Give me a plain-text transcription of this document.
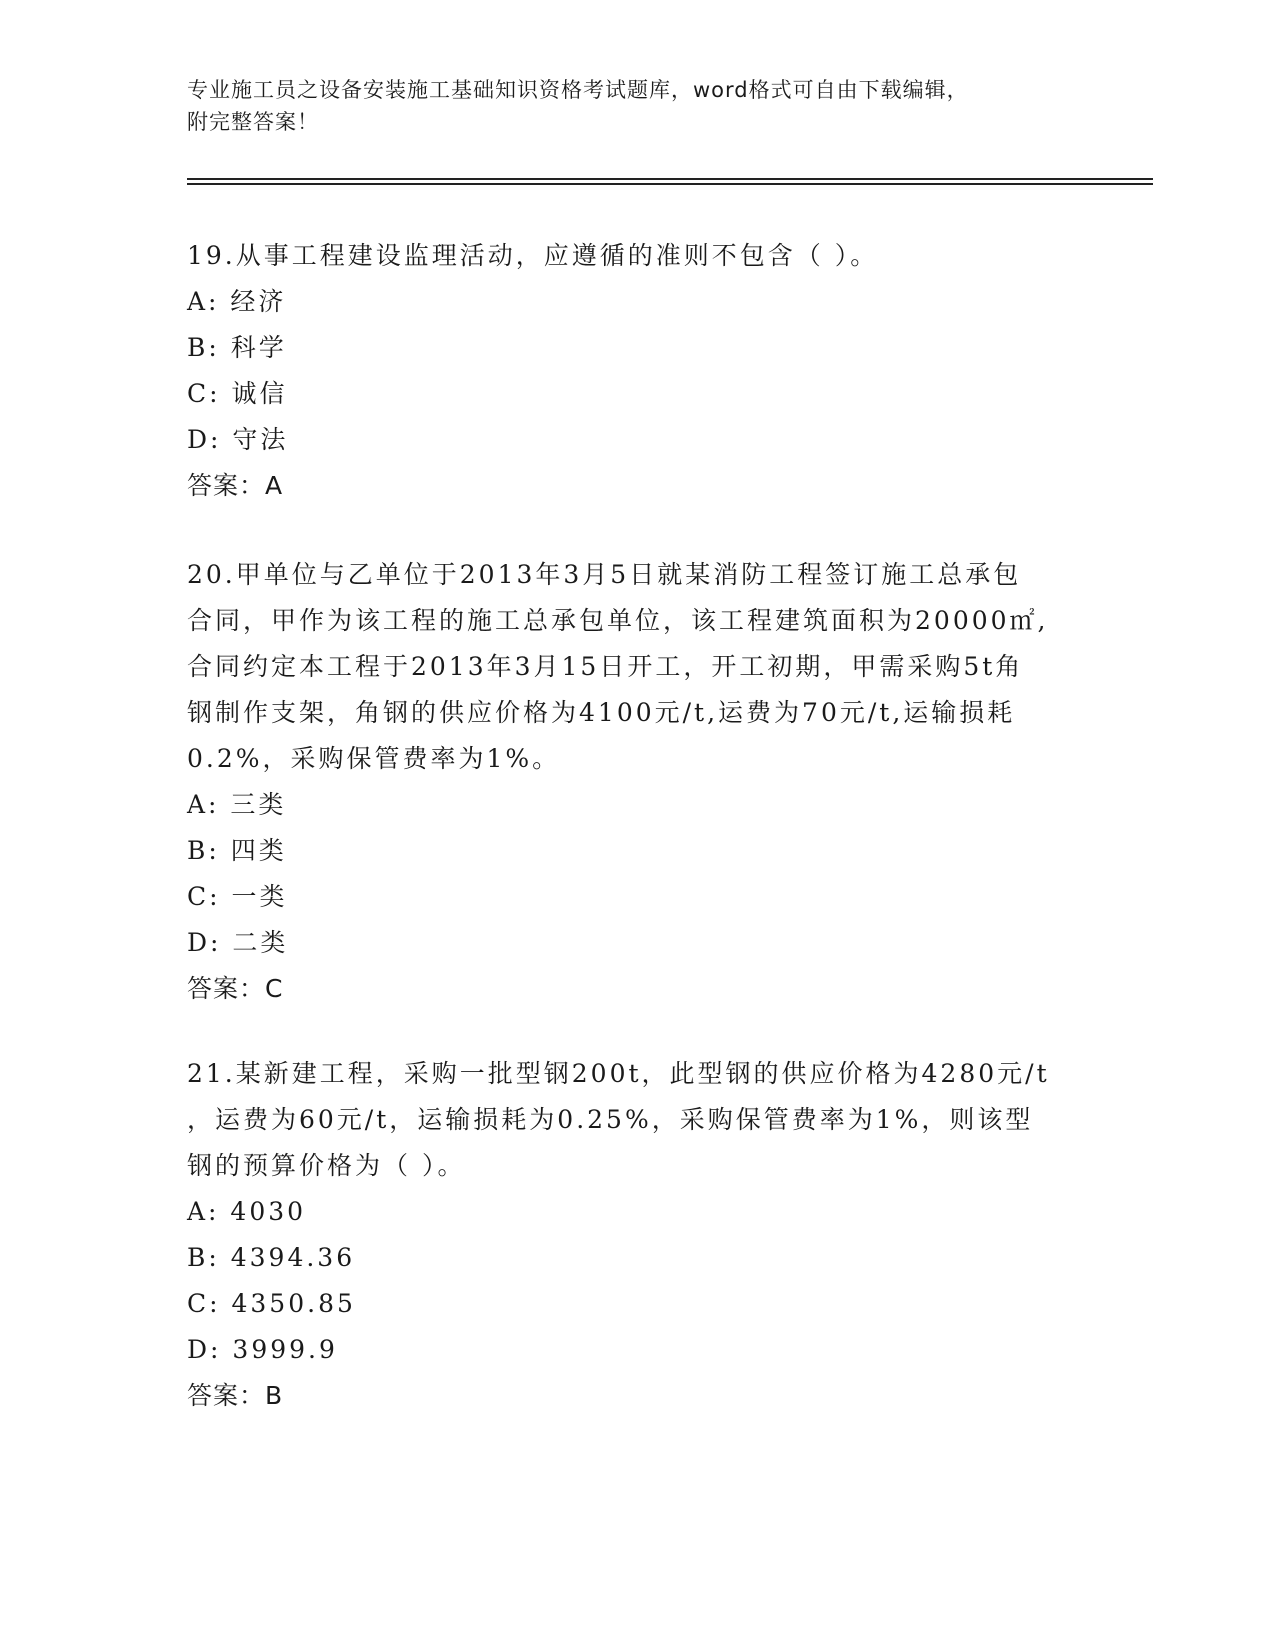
专业施工员之设备安装施工基础知识资格考试题库，word格式可自由下载编辑，
附完整答案！

19.从事工程建设监理活动，应遵循的准则不包含（ ）。

A: 经济

B: 科学

C: 诚信

D: 守法

答案：A

20.甲单位与乙单位于2013年3月5日就某消防工程签订施工总承包

合同，甲作为该工程的施工总承包单位，该工程建筑面积为20000㎡,

合同约定本工程于2013年3月15日开工，开工初期，甲需采购5t角

钢制作支架，角钢的供应价格为4100元/t,运费为70元/t,运输损耗

0.2%，采购保管费率为1%。

A: 三类

B: 四类

C: 一类

D: 二类

答案：C

21.某新建工程，采购一批型钢200t，此型钢的供应价格为4280元/t

，运费为60元/t，运输损耗为0.25%，采购保管费率为1%，则该型

钢的预算价格为（ ）。

A: 4030

B: 4394.36

C: 4350.85

D: 3999.9

答案：B
